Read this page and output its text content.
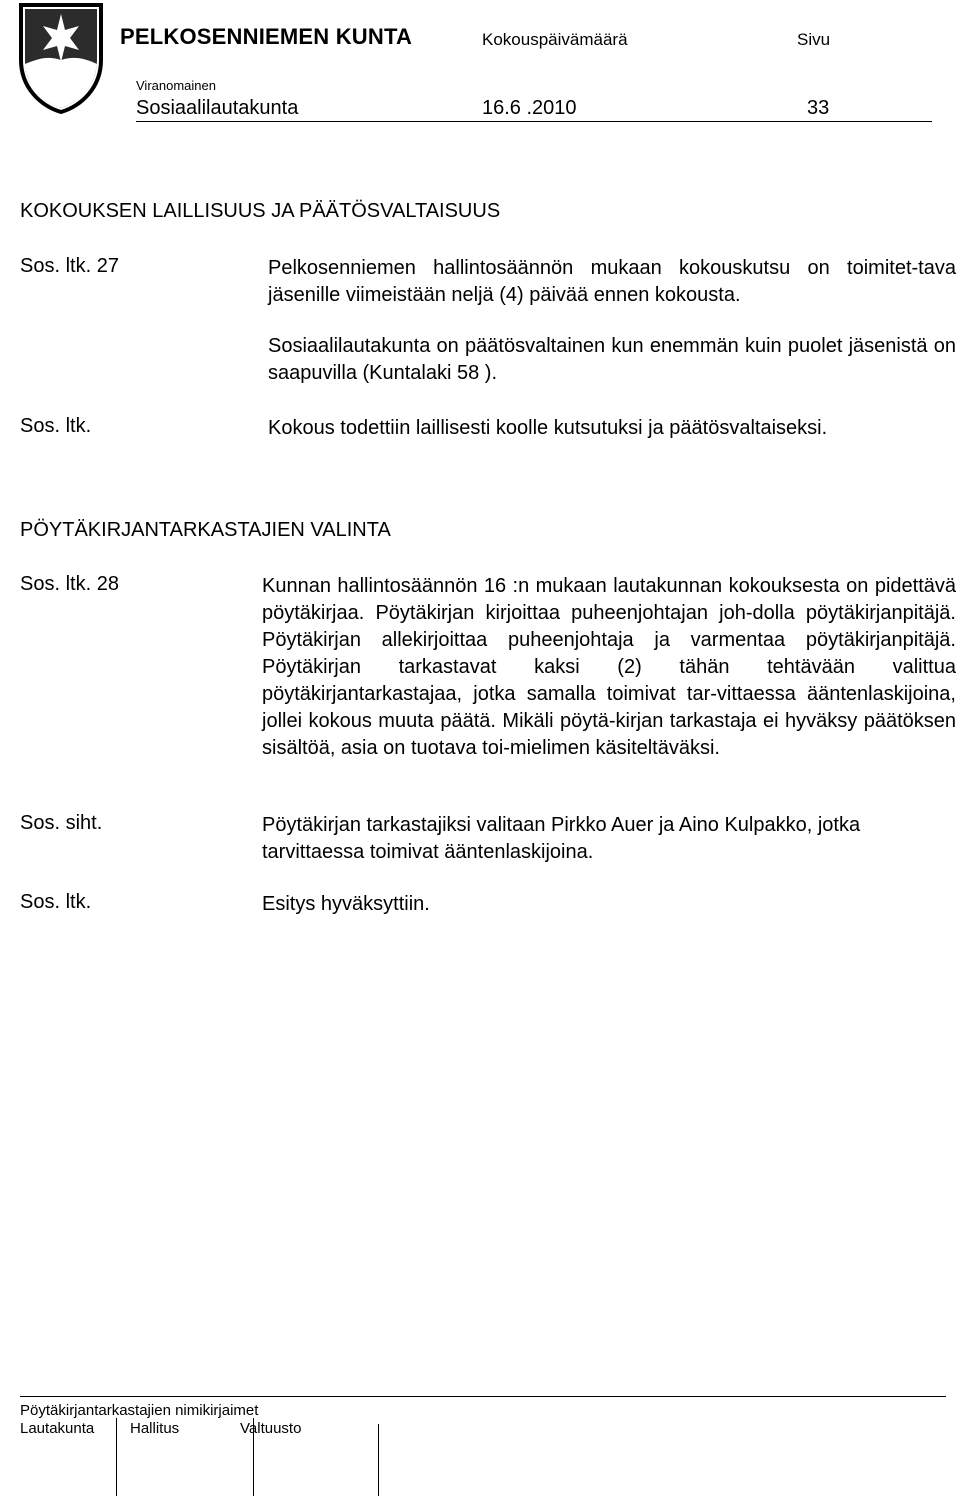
PELKOSENNIEMEN KUNTA	Kokouspäivämäärä	Sivu
Viranomainen
Sosiaalilautakunta	16.6 .2010	33
KOKOUKSEN LAILLISUUS JA PÄÄTÖSVALTAISUUS
Sos. ltk. 27	Pelkosenniemen hallintosäännön mukaan kokouskutsu on toimitet-tava jäsenille viimeistään neljä (4) päivää ennen kokousta.
Sosiaalilautakunta on päätösvaltainen kun enemmän kuin puolet jäsenistä on saapuvilla (Kuntalaki 58 ).
Sos. ltk.	Kokous todettiin laillisesti koolle kutsutuksi ja päätösvaltaiseksi.
PÖYTÄKIRJANTARKASTAJIEN VALINTA
Sos. ltk. 28	Kunnan hallintosäännön 16 :n mukaan lautakunnan kokouksesta on pidettävä pöytäkirjaa. Pöytäkirjan kirjoittaa puheenjohtajan joh-dolla pöytäkirjanpitäjä. Pöytäkirjan allekirjoittaa puheenjohtaja ja varmentaa pöytäkirjanpitäjä. Pöytäkirjan tarkastavat kaksi (2) tähän tehtävään valittua pöytäkirjantarkastajaa, jotka samalla toimivat tar-vittaessa ääntenlaskijoina, jollei kokous muuta päätä. Mikäli pöytä-kirjan tarkastaja ei hyväksy päätöksen sisältöä, asia on tuotava toi-mielimen käsiteltäväksi.
Sos. siht.	Pöytäkirjan tarkastajiksi valitaan Pirkko Auer ja Aino Kulpakko, jotka tarvittaessa toimivat ääntenlaskijoina.
Sos. ltk.	Esitys hyväksyttiin.
Pöytäkirjantarkastajien nimikirjaimet
Lautakunta Hallitus	Valtuusto
